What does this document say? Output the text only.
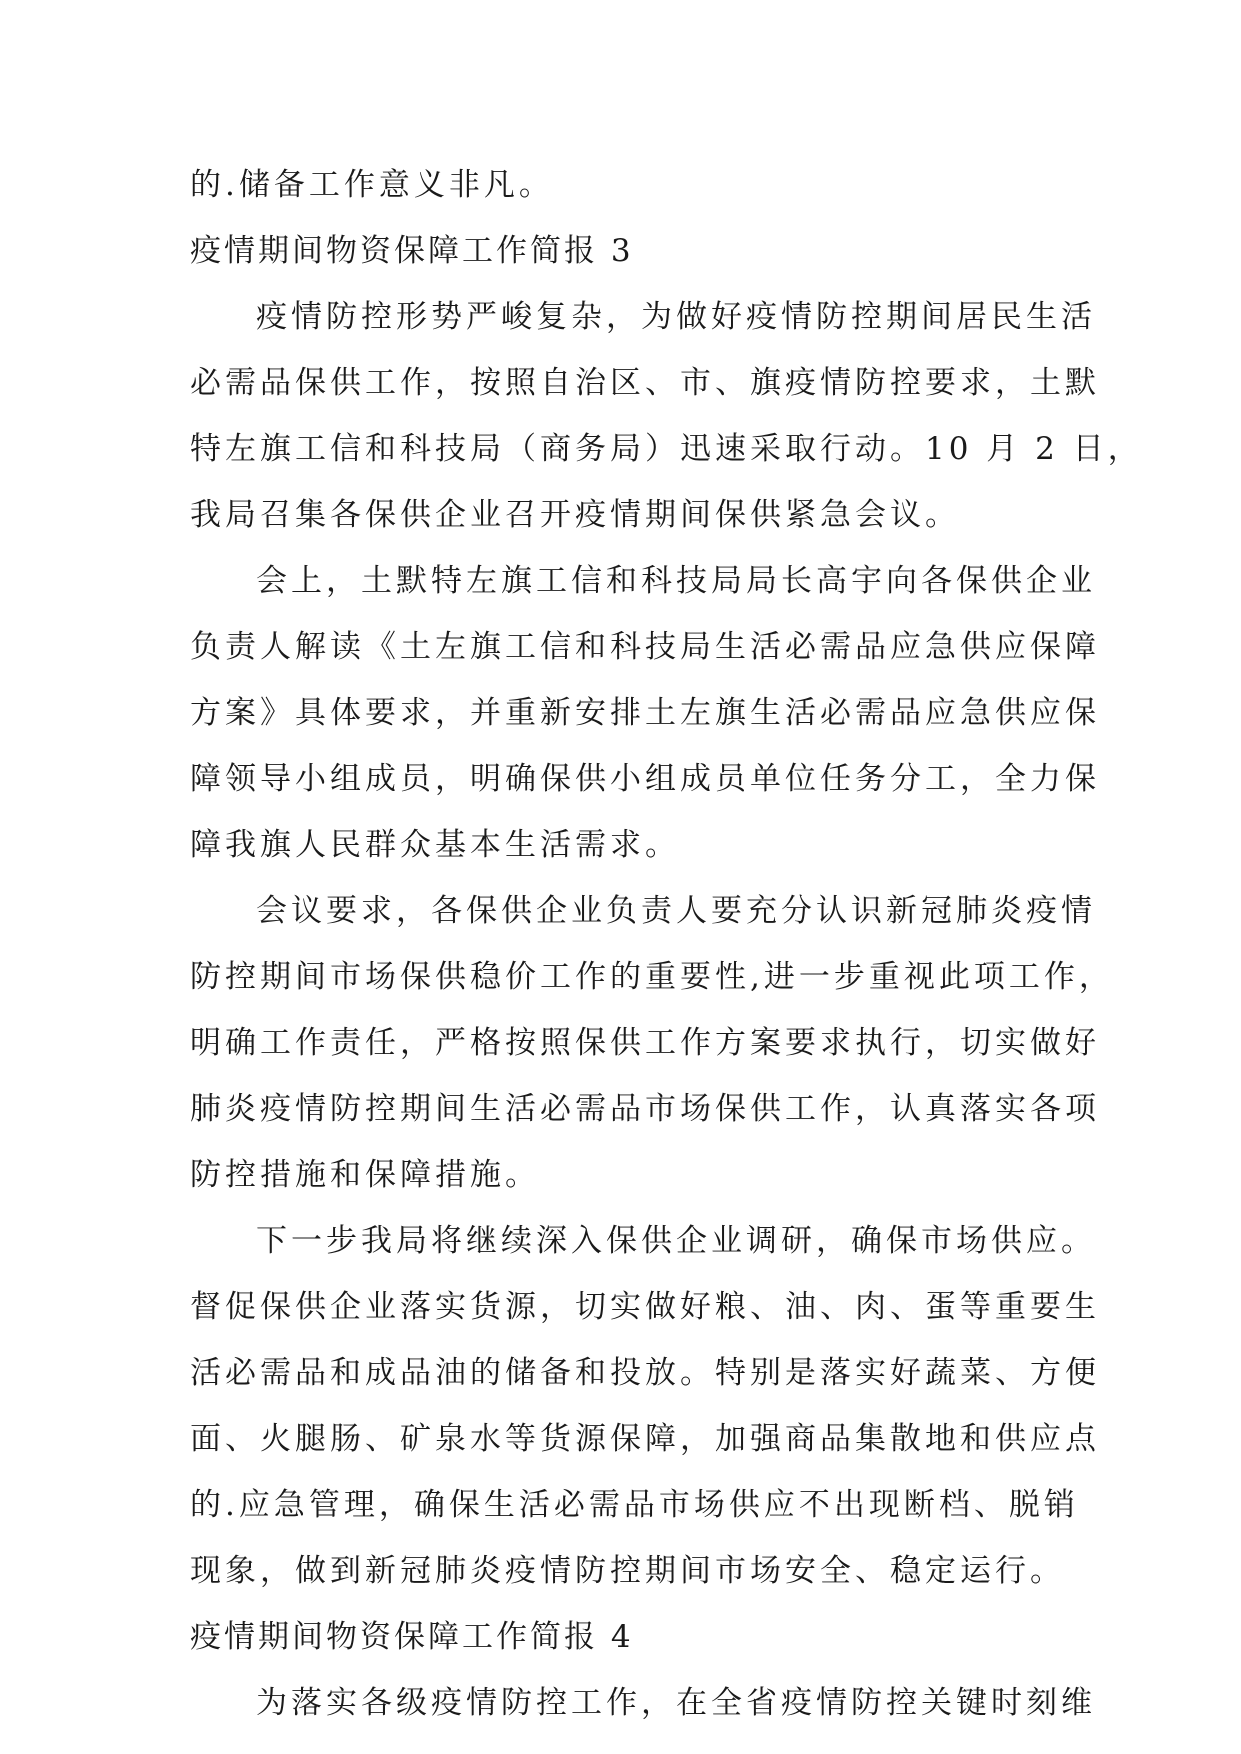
的.储备工作意义非凡。
疫情期间物资保障工作简报 3
疫情防控形势严峻复杂，为做好疫情防控期间居民生活
必需品保供工作，按照自治区、市、旗疫情防控要求，土默
特左旗工信和科技局（商务局）迅速采取行动。10 月 2 日，
我局召集各保供企业召开疫情期间保供紧急会议。
会上，土默特左旗工信和科技局局长高宇向各保供企业
负责人解读《土左旗工信和科技局生活必需品应急供应保障
方案》具体要求，并重新安排土左旗生活必需品应急供应保
障领导小组成员，明确保供小组成员单位任务分工，全力保
障我旗人民群众基本生活需求。
会议要求，各保供企业负责人要充分认识新冠肺炎疫情
防控期间市场保供稳价工作的重要性,进一步重视此项工作，
明确工作责任，严格按照保供工作方案要求执行，切实做好
肺炎疫情防控期间生活必需品市场保供工作，认真落实各项
防控措施和保障措施。
下一步我局将继续深入保供企业调研，确保市场供应。
督促保供企业落实货源，切实做好粮、油、肉、蛋等重要生
活必需品和成品油的储备和投放。特别是落实好蔬菜、方便
面、火腿肠、矿泉水等货源保障，加强商品集散地和供应点
的.应急管理，确保生活必需品市场供应不出现断档、脱销
现象，做到新冠肺炎疫情防控期间市场安全、稳定运行。
疫情期间物资保障工作简报 4
为落实各级疫情防控工作，在全省疫情防控关键时刻维
